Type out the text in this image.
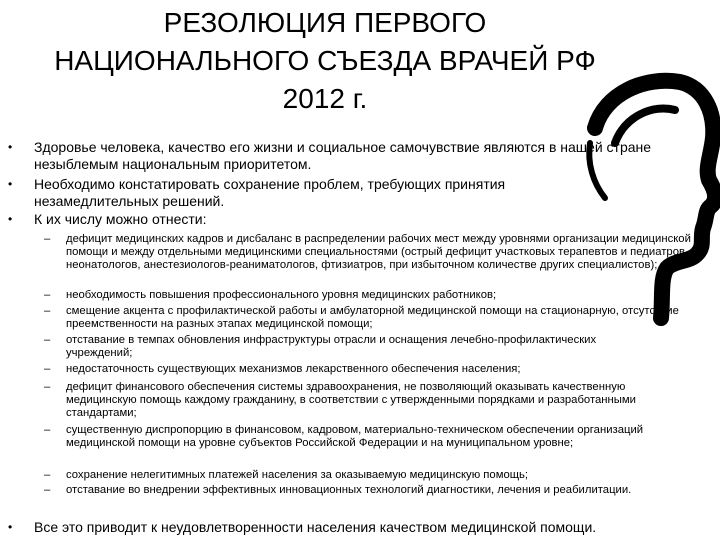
РЕЗОЛЮЦИЯ ПЕРВОГО
НАЦИОНАЛЬНОГО СЪЕЗДА ВРАЧЕЙ РФ
2012 г.
• Здоровье человека, качество его жизни и социальное самочувствие являются в нашей стране незыблемым национальным приоритетом.
• Необходимо констатировать сохранение проблем, требующих принятия незамедлительных решений.
• К их числу можно отнести:
– дефицит медицинских кадров и дисбаланс в распределении рабочих мест между уровнями организации медицинской помощи и между отдельными медицинскими специальностями (острый дефицит участковых терапевтов и педиатров, неонатологов, анестезиологов-реаниматологов, фтизиатров, при избыточном количестве других специалистов);
– необходимость повышения профессионального уровня медицинских работников;
– смещение акцента с профилактической работы и амбулаторной медицинской помощи на стационарную, отсутствие преемственности на разных этапах медицинской помощи;
– отставание в темпах обновления инфраструктуры отрасли и оснащения лечебно-профилактических учреждений;
– недостаточность существующих механизмов лекарственного обеспечения населения;
– дефицит финансового обеспечения системы здравоохранения, не позволяющий оказывать качественную медицинскую помощь каждому гражданину, в соответствии с утвержденными порядками и разработанными стандартами;
– существенную диспропорцию в финансовом, кадровом, материально-техническом обеспечении организаций медицинской помощи на уровне субъектов Российской Федерации и на муниципальном уровне;
– сохранение нелегитимных платежей населения за оказываемую медицинскую помощь;
– отставание во внедрении эффективных инновационных технологий диагностики, лечения и реабилитации.
• Все это приводит к неудовлетворенности населения качеством медицинской помощи.
